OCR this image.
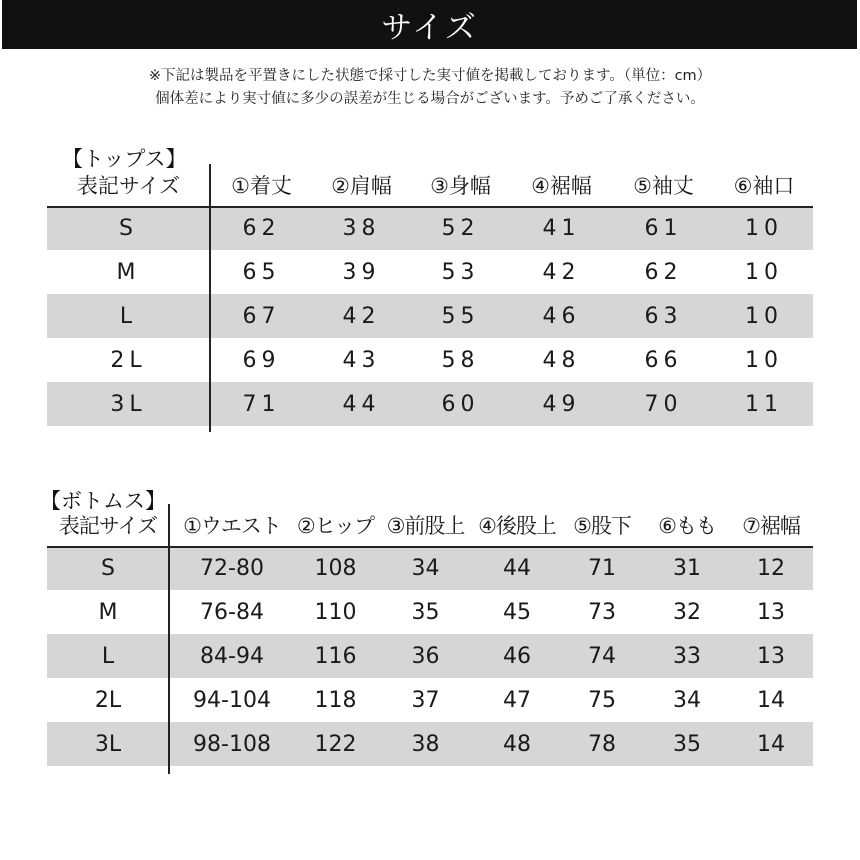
サイズ
※下記は製品を平置きにした状態で採寸した実寸値を掲載しております。（単位：cm）
個体差により実寸値に多少の誤差が生じる場合がございます。予めご了承ください。
【トップス】
表記サイズ	①着丈	②肩幅	③身幅	④裾幅	⑤袖丈	⑥袖口
S	62	38	52	41	61	10
M	65	39	53	42	62	10
L	67	42	55	46	63	10
2L	69	43	58	48	66	10
3L	71	44	60	49	70	11
【ボトムス】
表記サイズ	①ウエスト ②ヒップ ③前股上 ④後股上 ⑤股下	⑥もも	⑦裾幅
S	72-80	108	34	44	71	31	12
M	76-84	110	35	45	73	32	13
L	84-94	116	36	46	74	33	13
2L	94-104	118	37	47	75	34	14
3L	98-108	122	38	48	78	35	14
